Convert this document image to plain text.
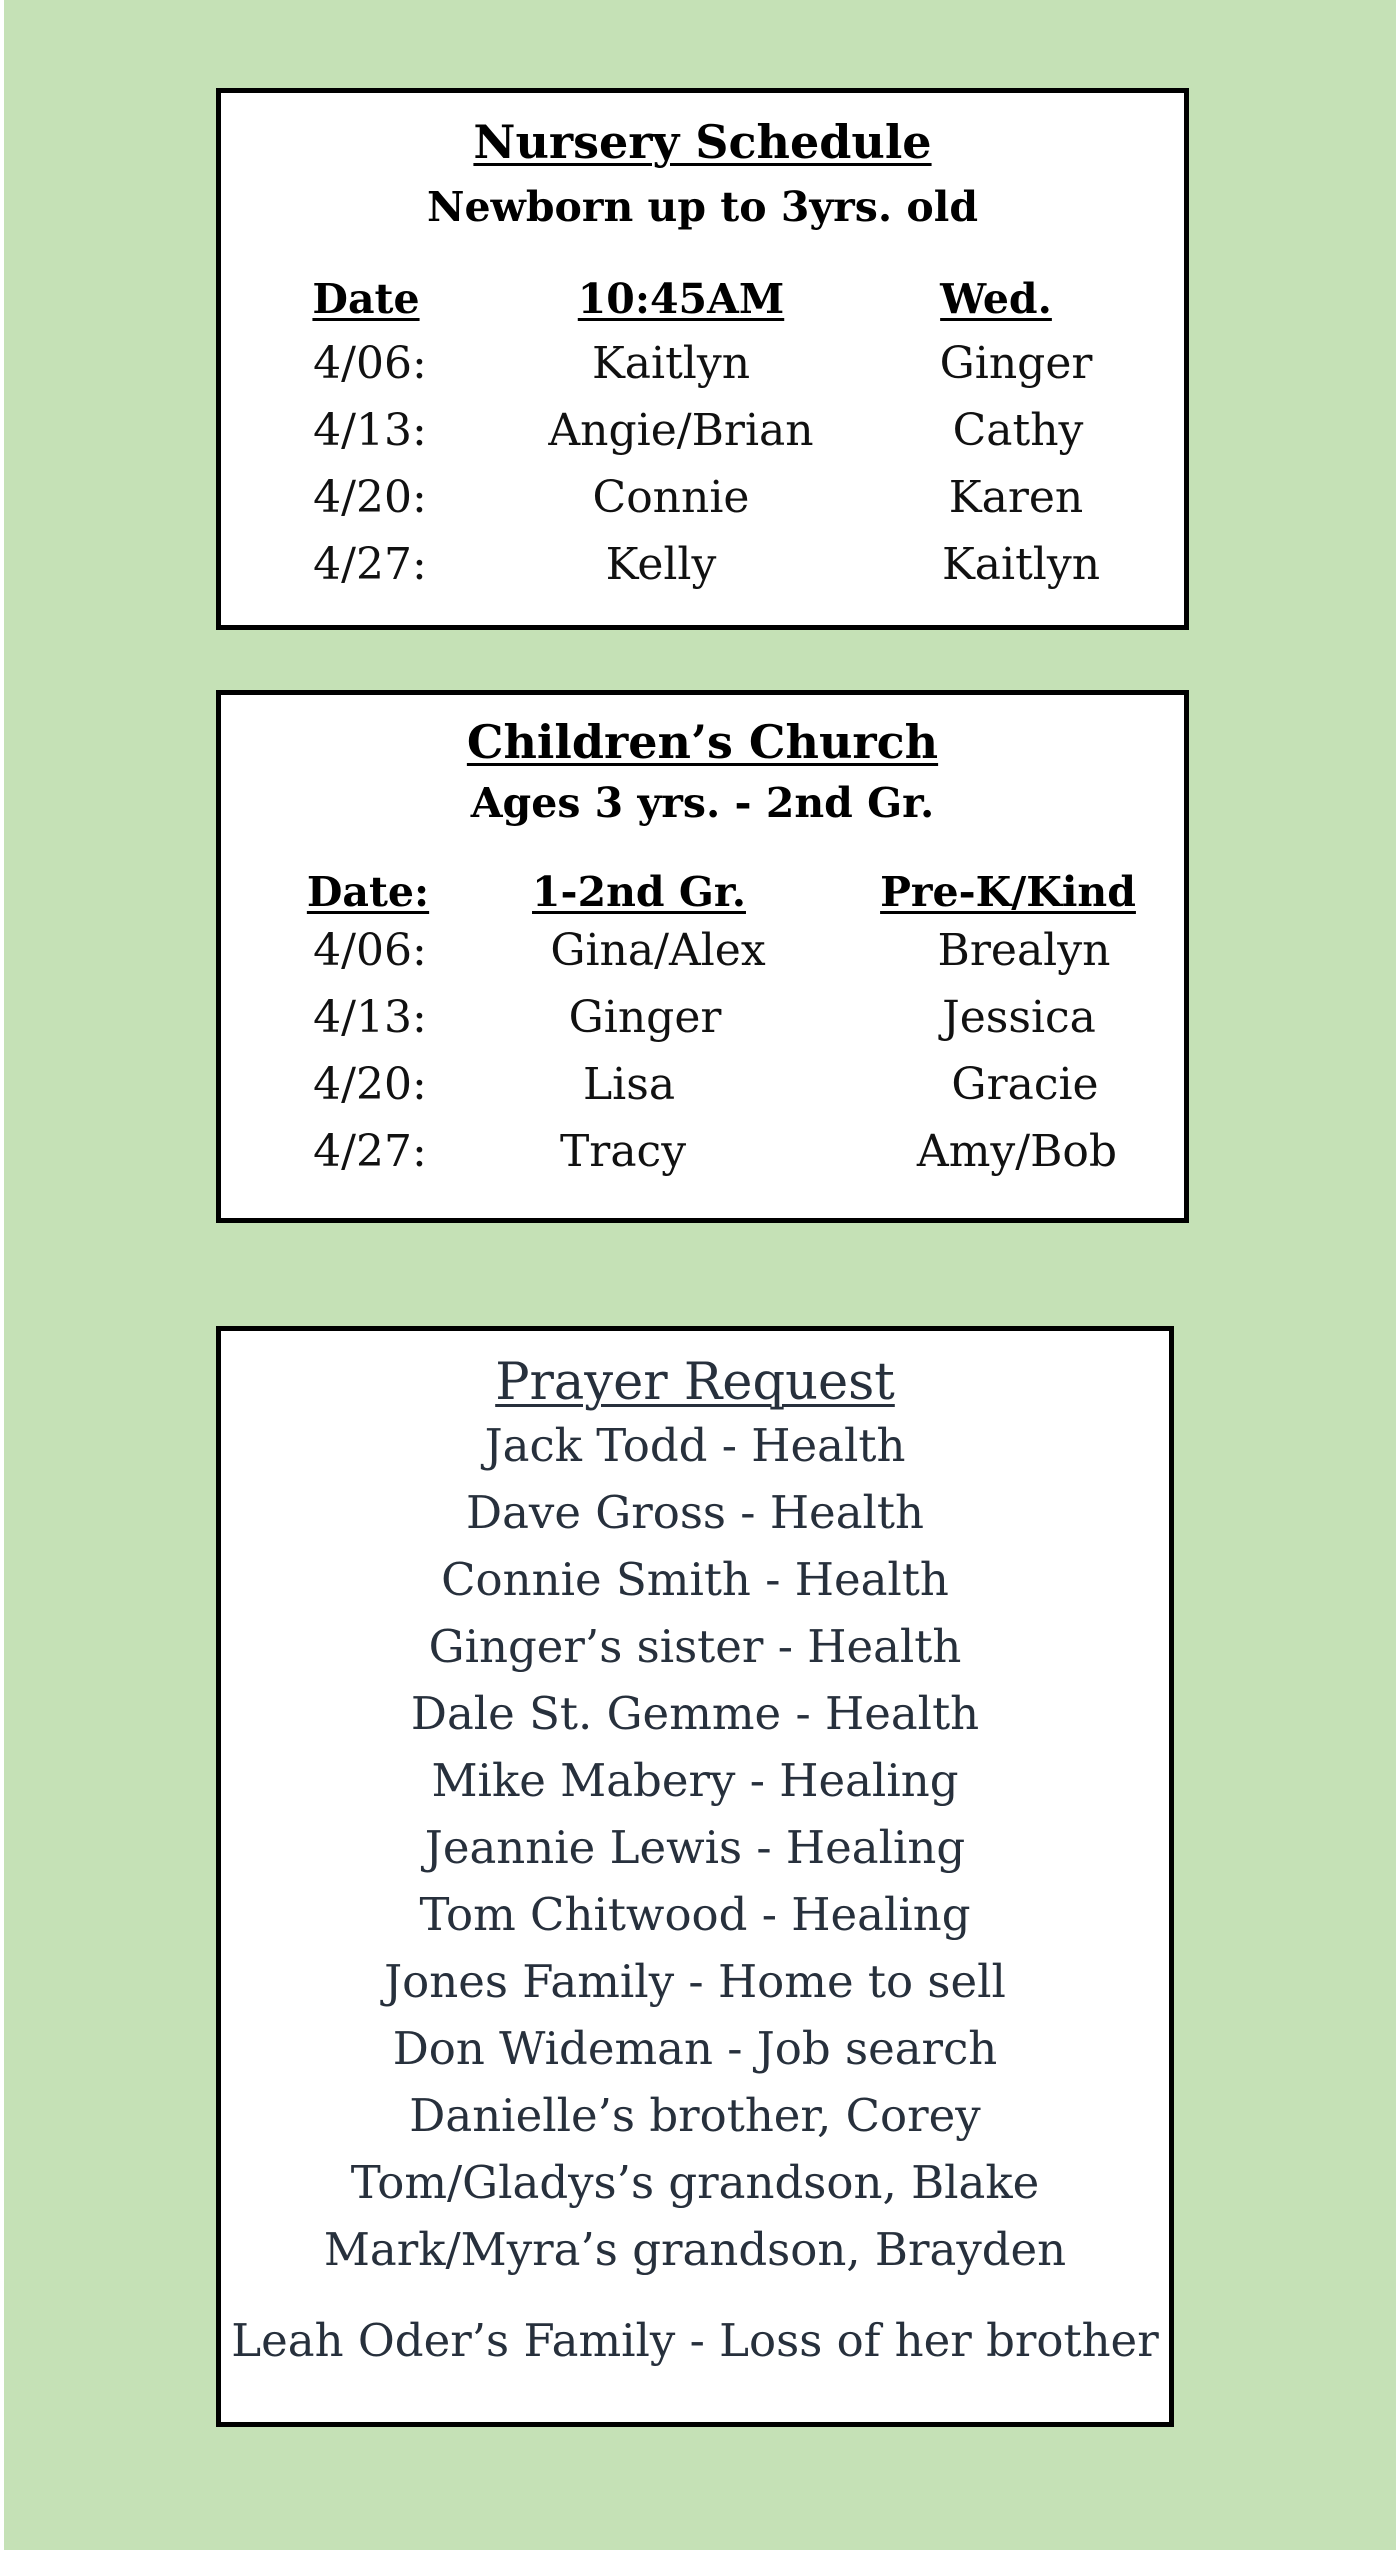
Nursery Schedule
Newborn up to 3yrs. old
Date	10:45AM	Wed.
4/06:	Kaitlyn	Ginger
4/13:	Angie/Brian	Cathy
4/20:	Connie	Karen
4/27:	Kelly	Kaitlyn
Children’s Church
Ages 3 yrs. - 2nd Gr.
Date:	1-2nd Gr.	Pre-K/Kind
4/06:	Gina/Alex	Brealyn
4/13:	Ginger	Jessica
4/20:	Lisa	Gracie
4/27:	Tracy	Amy/Bob
Prayer Request
Jack Todd - Health
Dave Gross - Health
Connie Smith - Health
Ginger’s sister - Health
Dale St. Gemme - Health
Mike Mabery - Healing
Jeannie Lewis - Healing
Tom Chitwood - Healing
Jones Family - Home to sell
Don Wideman - Job search
Danielle’s brother, Corey
Tom/Gladys’s grandson, Blake
Mark/Myra’s grandson, Brayden
Leah Oder’s Family - Loss of her brother
